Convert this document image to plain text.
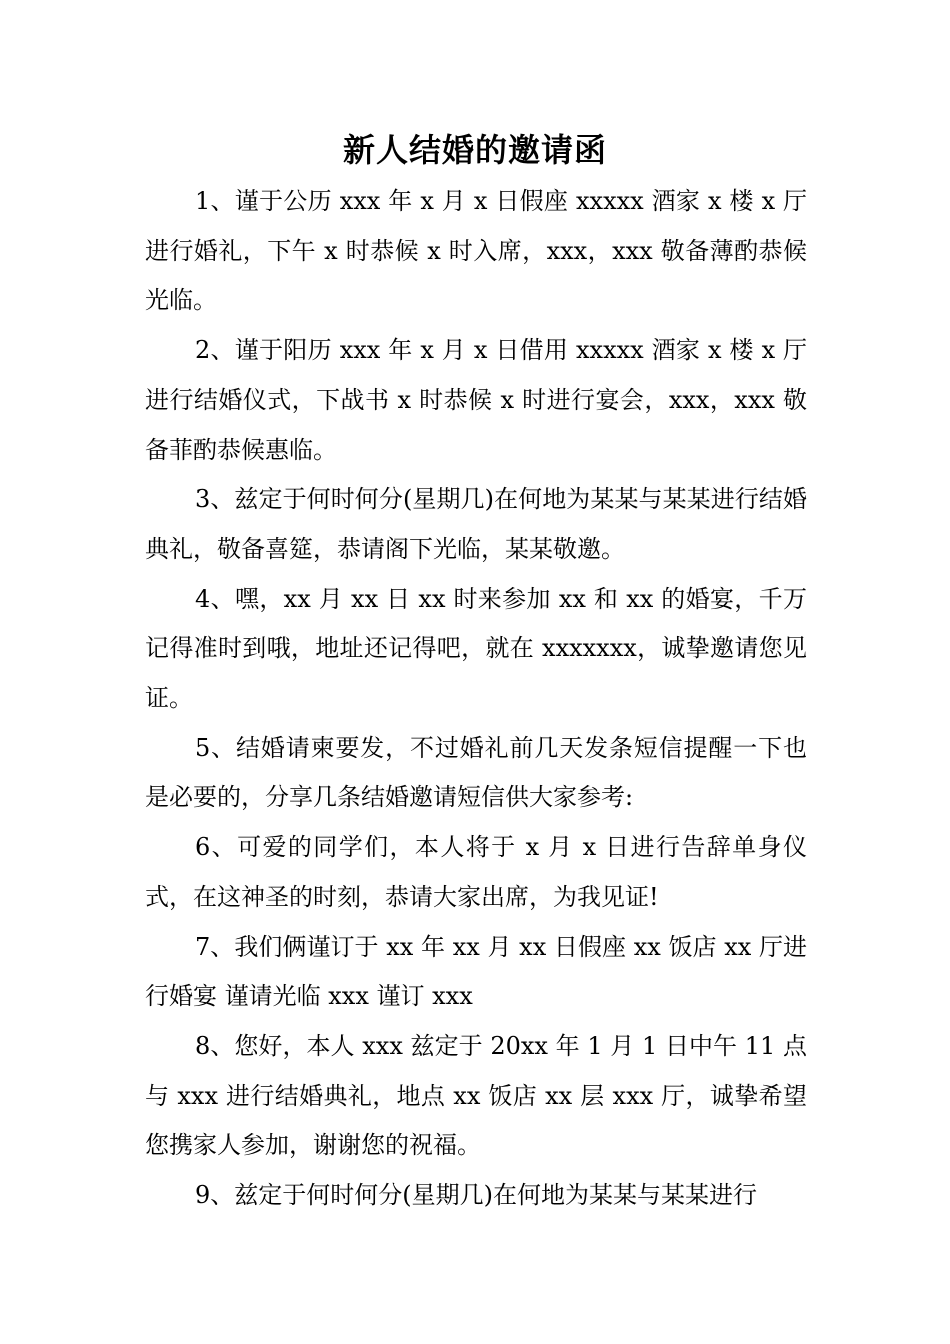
新人结婚的邀请函

1、谨于公历 xxx 年 x 月 x 日假座 xxxxx 酒家 x 楼 x 厅进行婚礼，下午 x 时恭候 x 时入席，xxx，xxx 敬备薄酌恭候光临。

2、谨于阳历 xxx 年 x 月 x 日借用 xxxxx 酒家 x 楼 x 厅进行结婚仪式，下战书 x 时恭候 x 时进行宴会，xxx，xxx 敬备菲酌恭候惠临。

3、兹定于何时何分(星期几)在何地为某某与某某进行结婚典礼，敬备喜筵，恭请阁下光临，某某敬邀。

4、嘿，xx 月 xx 日 xx 时来参加 xx 和 xx 的婚宴，千万记得准时到哦，地址还记得吧，就在 xxxxxxx，诚挚邀请您见证。

5、结婚请柬要发，不过婚礼前几天发条短信提醒一下也是必要的，分享几条结婚邀请短信供大家参考:

6、可爱的同学们，本人将于 x 月 x 日进行告辞单身仪式，在这神圣的时刻，恭请大家出席，为我见证!

7、我们俩谨订于 xx 年 xx 月 xx 日假座 xx 饭店 xx 厅进行婚宴 谨请光临 xxx 谨订 xxx

8、您好，本人 xxx 兹定于 20xx 年 1 月 1 日中午 11 点与 xxx 进行结婚典礼，地点 xx 饭店 xx 层 xxx 厅，诚挚希望您携家人参加，谢谢您的祝福。

9、兹定于何时何分(星期几)在何地为某某与某某进行
